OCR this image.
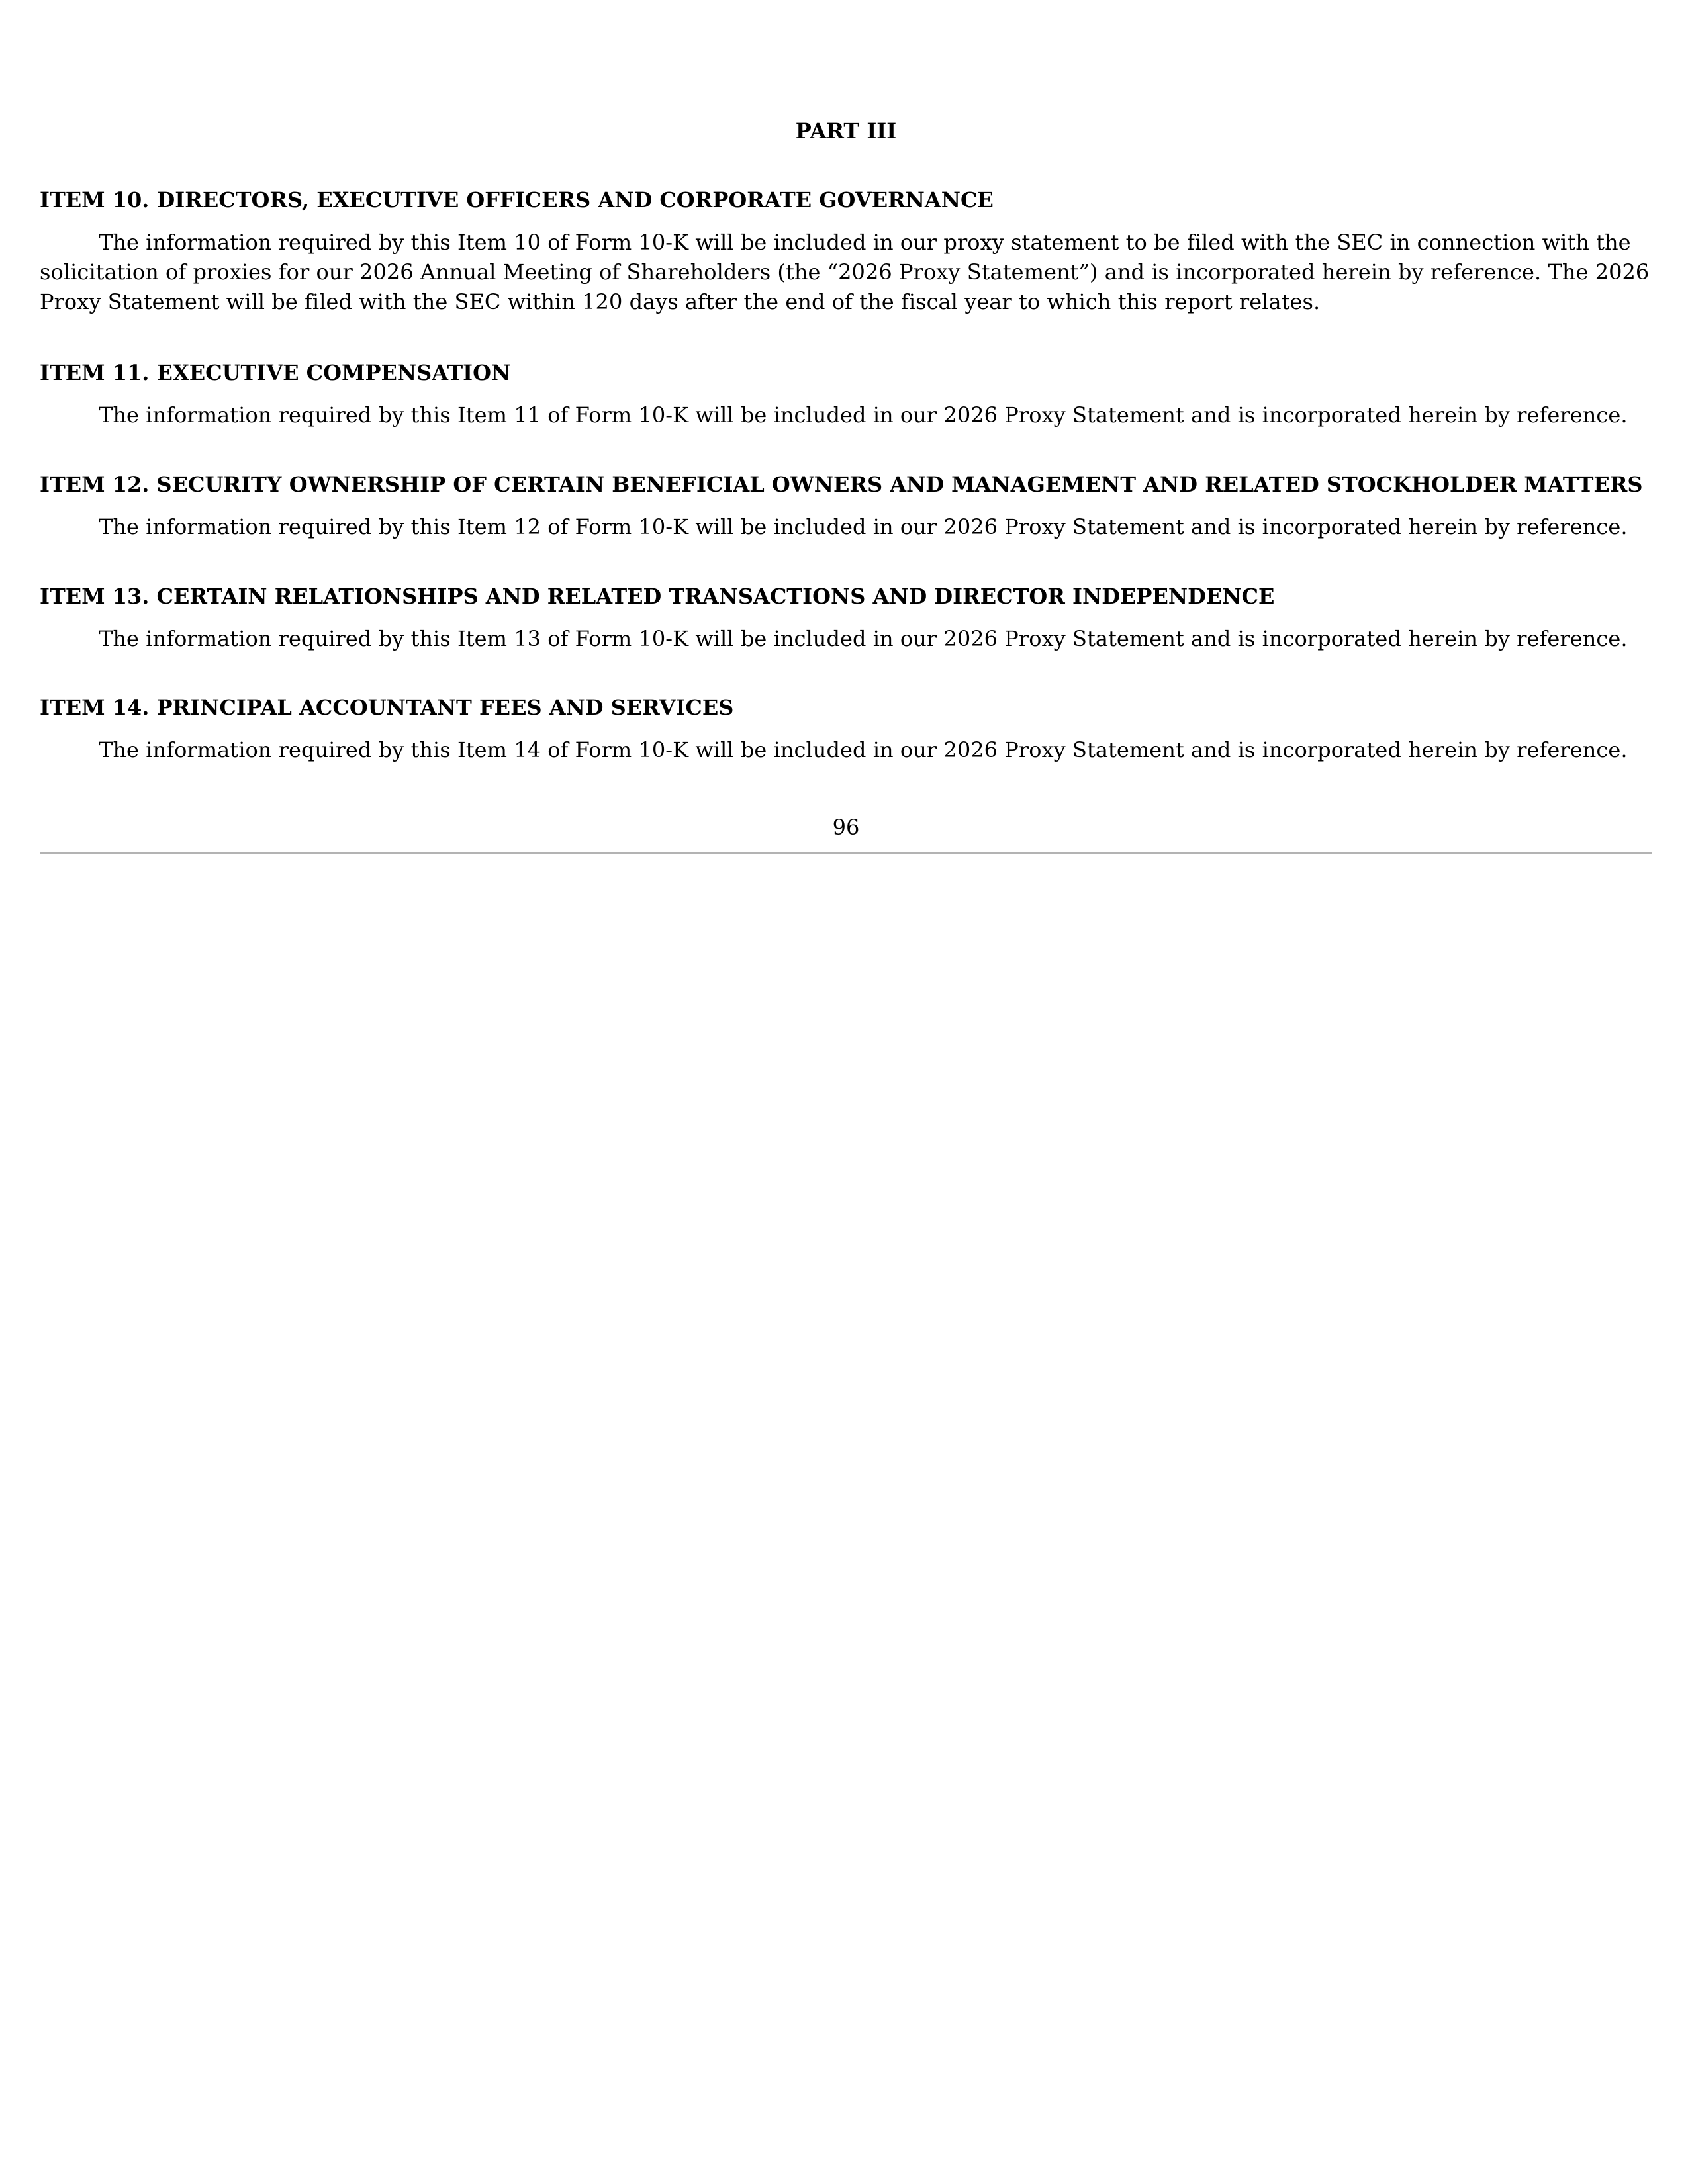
PART III
ITEM 10. DIRECTORS, EXECUTIVE OFFICERS AND CORPORATE GOVERNANCE

The information required by this Item 10 of Form 10-K will be included in our proxy statement to be filed with the SEC in connection with the solicitation of proxies for our 2026 Annual Meeting of Shareholders (the “2026 Proxy Statement”) and is incorporated herein by reference. The 2026 Proxy Statement will be filed with the SEC within 120 days after the end of the fiscal year to which this report relates.

ITEM 11. EXECUTIVE COMPENSATION

The information required by this Item 11 of Form 10-K will be included in our 2026 Proxy Statement and is incorporated herein by reference.

ITEM 12. SECURITY OWNERSHIP OF CERTAIN BENEFICIAL OWNERS AND MANAGEMENT AND RELATED STOCKHOLDER MATTERS

The information required by this Item 12 of Form 10-K will be included in our 2026 Proxy Statement and is incorporated herein by reference.

ITEM 13. CERTAIN RELATIONSHIPS AND RELATED TRANSACTIONS AND DIRECTOR INDEPENDENCE

The information required by this Item 13 of Form 10-K will be included in our 2026 Proxy Statement and is incorporated herein by reference.

ITEM 14. PRINCIPAL ACCOUNTANT FEES AND SERVICES

The information required by this Item 14 of Form 10-K will be included in our 2026 Proxy Statement and is incorporated herein by reference.

96
